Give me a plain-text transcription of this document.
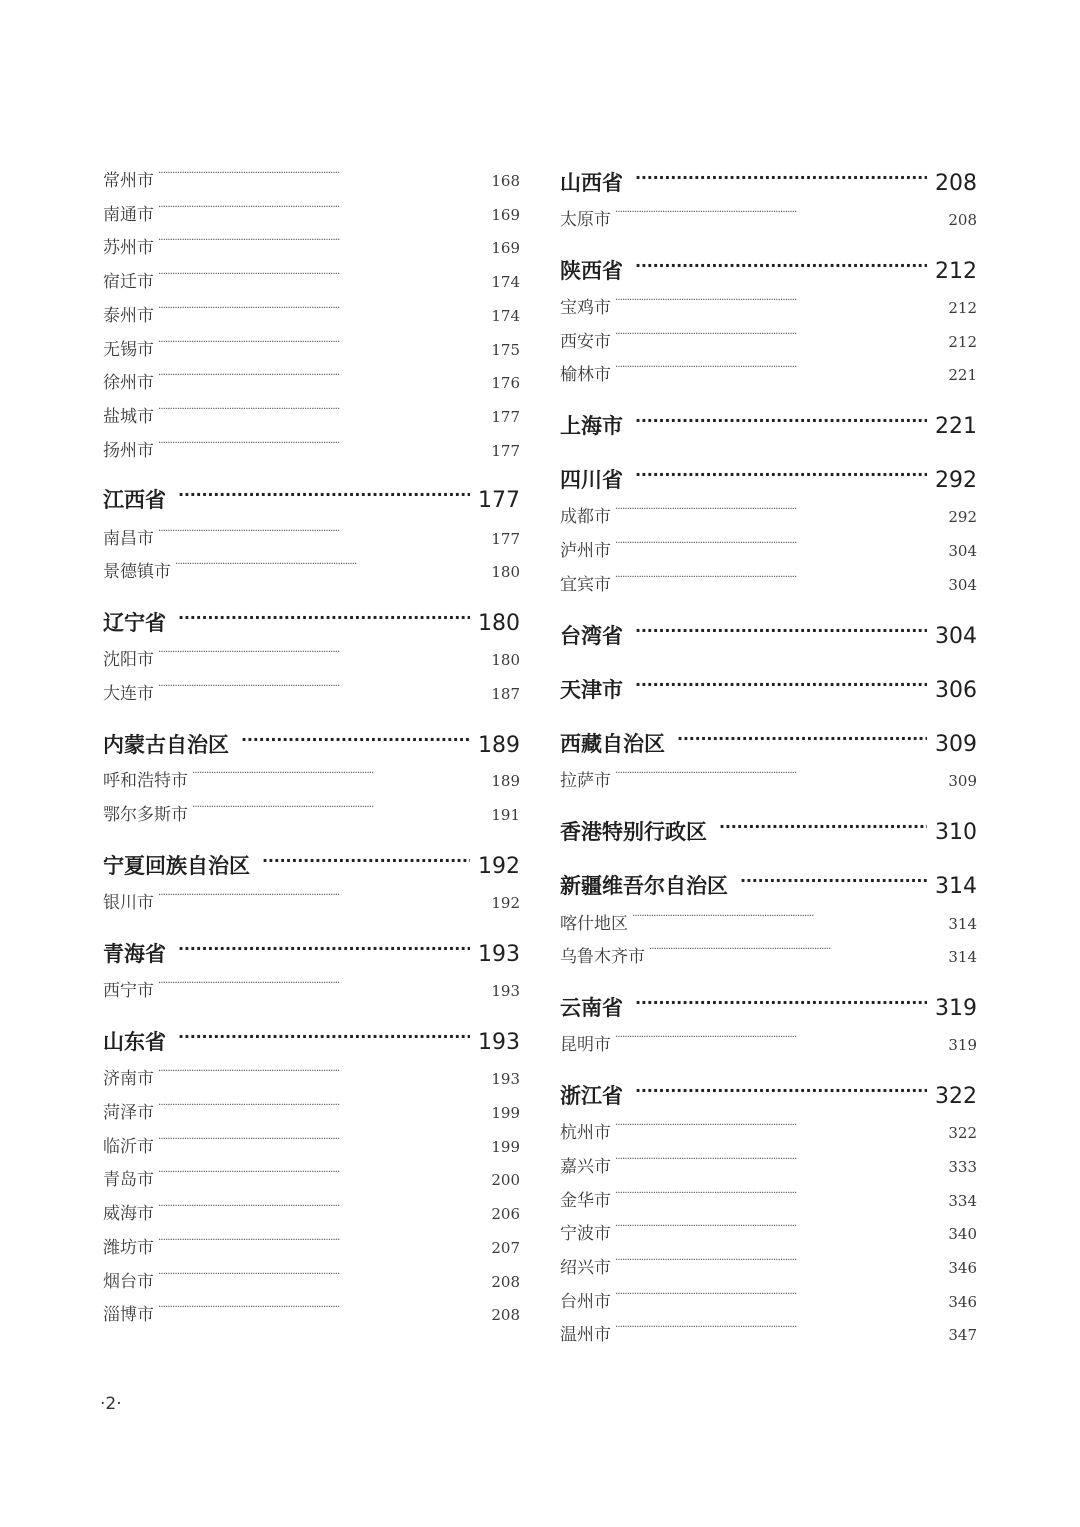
常州市 · · ·	168
南通市 · · ·	169
苏州市 · · ·	169
宿迁市 · · ·	174
泰州市 · · ·	174
无锡市 · · ·	175
徐州市 · · ·	176
盐城市 · · ·	177
扬州市 · · ·	177
江西省 .....	177
南昌市 · · ·	177
景德镇市 · · ·	180
辽宁省 .....	180
沈阳市 · · ·	180
大连市 · · ·	187
内蒙古自治区 .....	189
呼和浩特市 · · ·	189
鄂尔多斯市 · · ·	191
宁夏回族自治区 .....	192
银川市 · · ·	192
青海省 .....	193
西宁市 · · ·	193
山东省 .....	193
济南市 · · ·	193
菏泽市 · · ·	199
临沂市 · · ·	199
青岛市 · · ·	200
威海市 · · ·	206
潍坊市 · · ·	207
烟台市 · · ·	208
淄博市 · · ·	208
山西省 .....	208
太原市 · · ·	208
陕西省 .....	212
宝鸡市 · · ·	212
西安市 · · ·	212
榆林市 · · ·	221
上海市 .....	221
四川省 .....	292
成都市 · · ·	292
泸州市 · · ·	304
宜宾市 · · ·	304
台湾省 .....	304
天津市 .....	306
西藏自治区 .....	309
拉萨市 · · ·	309
香港特别行政区 .....	310
新疆维吾尔自治区 .....	314
喀什地区 · · ·	314
乌鲁木齐市 · · ·	314
云南省 .....	319
昆明市 · · ·	319
浙江省 .....	322
杭州市 · · ·	322
嘉兴市 · · ·	333
金华市 · · ·	334
宁波市 · · ·	340
绍兴市 · · ·	346
台州市 · · ·	346
温州市 · · ·	347
·2·
